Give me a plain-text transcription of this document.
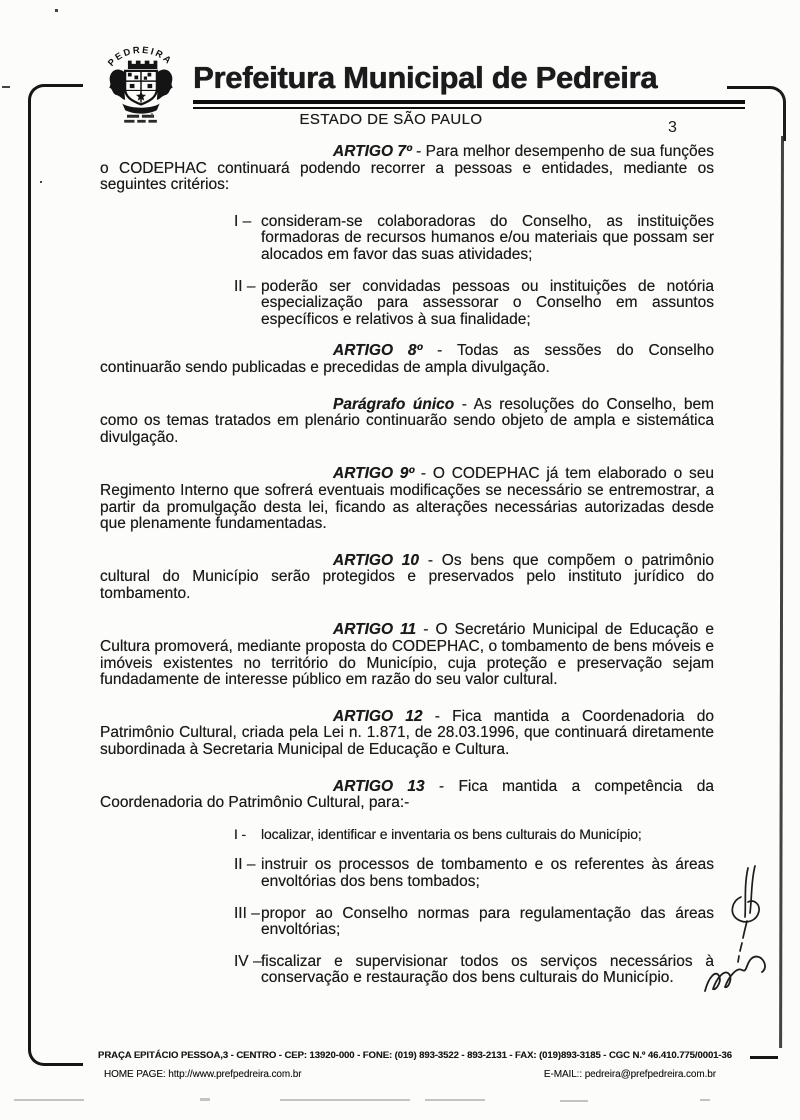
PEDREIRA Prefeitura Municipal de Pedreira
ESTADO DE SÃO PAULO	3

ARTIGO 7º - Para melhor desempenho de sua funções o CODEPHAC continuará podendo recorrer a pessoas e entidades, mediante os seguintes critérios:

I – consideram-se colaboradoras do Conselho, as instituições formadoras de recursos humanos e/ou materiais que possam ser alocados em favor das suas atividades;

II – poderão ser convidadas pessoas ou instituições de notória especialização para assessorar o Conselho em assuntos específicos e relativos à sua finalidade;

ARTIGO 8º - Todas as sessões do Conselho continuarão sendo publicadas e precedidas de ampla divulgação.

Parágrafo único - As resoluções do Conselho, bem como os temas tratados em plenário continuarão sendo objeto de ampla e sistemática divulgação.

ARTIGO 9º - O CODEPHAC já tem elaborado o seu Regimento Interno que sofrerá eventuais modificações se necessário se entremostrar, a partir da promulgação desta lei, ficando as alterações necessárias autorizadas desde que plenamente fundamentadas.

ARTIGO 10 - Os bens que compõem o patrimônio cultural do Município serão protegidos e preservados pelo instituto jurídico do tombamento.

ARTIGO 11 - O Secretário Municipal de Educação e Cultura promoverá, mediante proposta do CODEPHAC, o tombamento de bens móveis e imóveis existentes no território do Município, cuja proteção e preservação sejam fundadamente de interesse público em razão do seu valor cultural.

ARTIGO 12 - Fica mantida a Coordenadoria do Patrimônio Cultural, criada pela Lei n. 1.871, de 28.03.1996, que continuará diretamente subordinada à Secretaria Municipal de Educação e Cultura.

ARTIGO 13 - Fica mantida a competência da Coordenadoria do Patrimônio Cultural, para:-

I - localizar, identificar e inventaria os bens culturais do Município;

II – instruir os processos de tombamento e os referentes às áreas envoltórias dos bens tombados;

III – propor ao Conselho normas para regulamentação das áreas envoltórias;

IV – fiscalizar e supervisionar todos os serviços necessários à conservação e restauração dos bens culturais do Município.

PRAÇA EPITÁCIO PESSOA,3 - CENTRO - CEP: 13920-000 - FONE: (019) 893-3522 - 893-2131 - FAX: (019)893-3185 - CGC N.º 46.410.775/0001-36
HOME PAGE: http://www.prefpedreira.com.br	E-MAIL:: pedreira@prefpedreira.com.br
